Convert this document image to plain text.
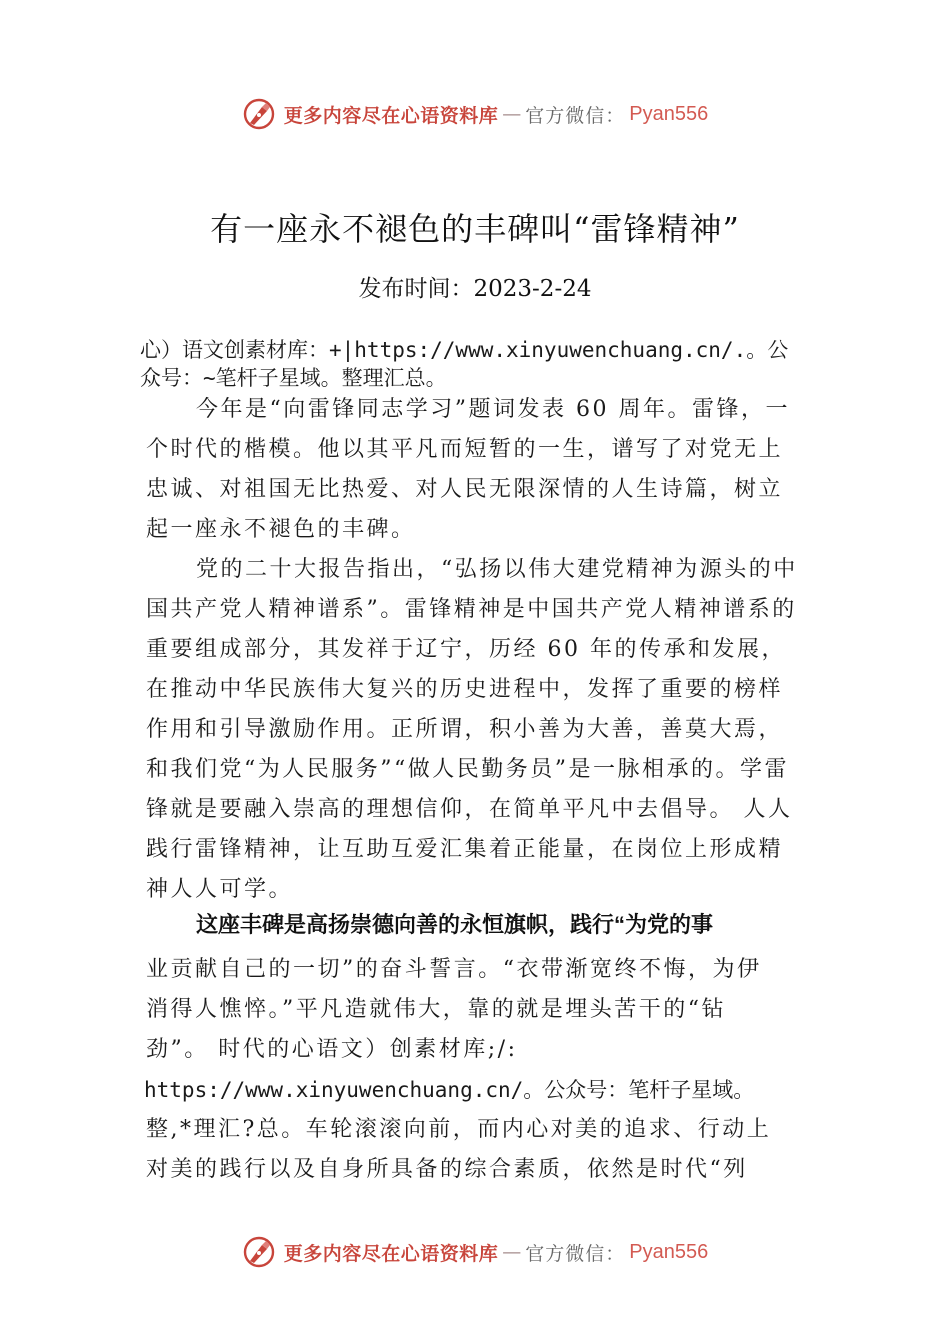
更多内容尽在心语资料库 — 官方微信： Pyan556
有一座永不褪色的丰碑叫“雷锋精神”
发布时间：2023-2-24
心）语文创素材库：+|https://www.xinyuwenchuang.cn/.。公
众号：~笔杆子星域。整理汇总。
今年是“向雷锋同志学习”题词发表 60 周年。雷锋，一
个时代的楷模。他以其平凡而短暂的一生，谱写了对党无上
忠诚、对祖国无比热爱、对人民无限深情的人生诗篇，树立
起一座永不褪色的丰碑。
党的二十大报告指出，“弘扬以伟大建党精神为源头的中
国共产党人精神谱系”。雷锋精神是中国共产党人精神谱系的
重要组成部分，其发祥于辽宁，历经 60 年的传承和发展，
在推动中华民族伟大复兴的历史进程中，发挥了重要的榜样
作用和引导激励作用。正所谓，积小善为大善，善莫大焉，
和我们党“为人民服务”“做人民勤务员”是一脉相承的。学雷
锋就是要融入崇高的理想信仰，在简单平凡中去倡导。 人人
践行雷锋精神，让互助互爱汇集着正能量，在岗位上形成精
神人人可学。
这座丰碑是高扬崇德向善的永恒旗帜，践行“为党的事
业贡献自己的一切”的奋斗誓言。“衣带渐宽终不悔，为伊
消得人憔悴。”平凡造就伟大，靠的就是埋头苦干的“钻
劲”。 时代的心语文）创素材库;/:
https://www.xinyuwenchuang.cn/。公众号：笔杆子星域。
整,*理汇?总。车轮滚滚向前，而内心对美的追求、行动上
对美的践行以及自身所具备的综合素质，依然是时代“列
更多内容尽在心语资料库 — 官方微信： Pyan556
